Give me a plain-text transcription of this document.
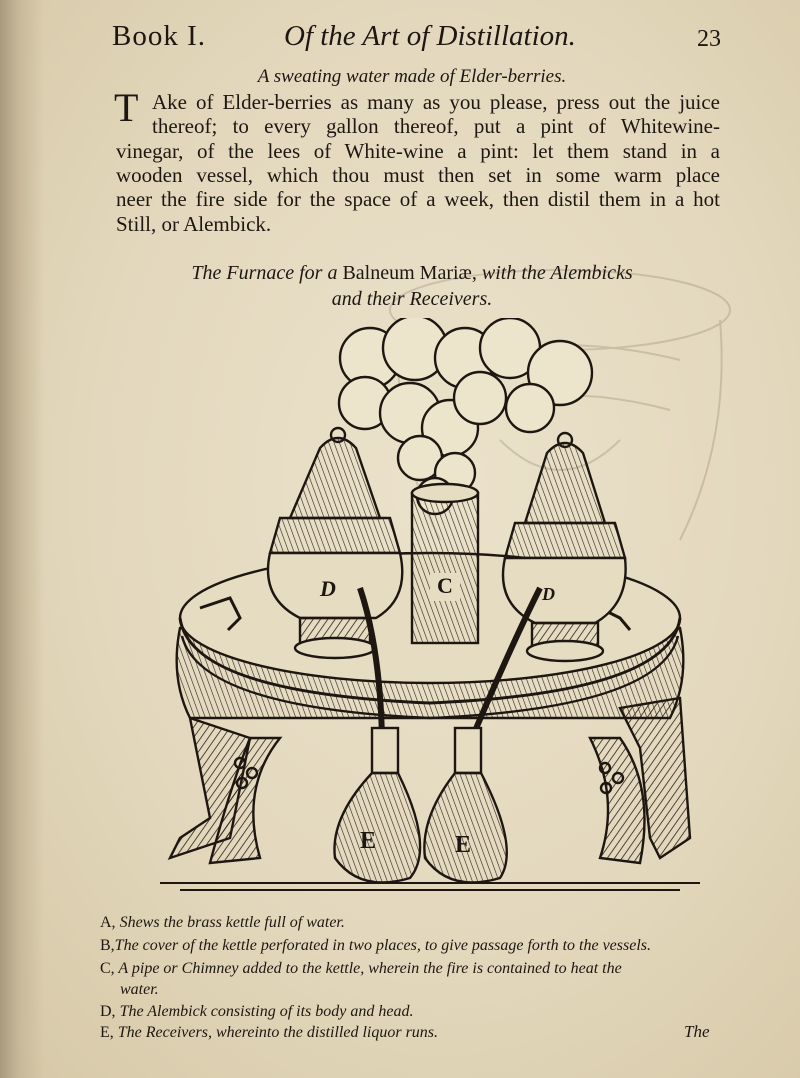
Book I.	Of the Art of Distillation.	23
A sweating water made of Elder-berries.
T Ake of Elder-berries as many as you please, press out the juice
thereof; to every gallon thereof, put a pint of Whitewine-
vinegar, of the lees of White-wine a pint: let them stand in a
wooden vessel, which thou must then set in some warm place
neer the fire side for the space of a week, then distil them in a hot
Still, or Alembick.
The Furnace for a Balneum Mariæ, with the Alembicks
and their Receivers.
C
D	D
E	E
A, Shews the brass kettle full of water.
B,The cover of the kettle perforated in two places, to give passage forth to the vessels.
C, A pipe or Chimney added to the kettle, wherein the fire is contained to heat the
water.
D, The Alembick consisting of its body and head.
E, The Receivers, whereinto the distilled liquor runs.	The
